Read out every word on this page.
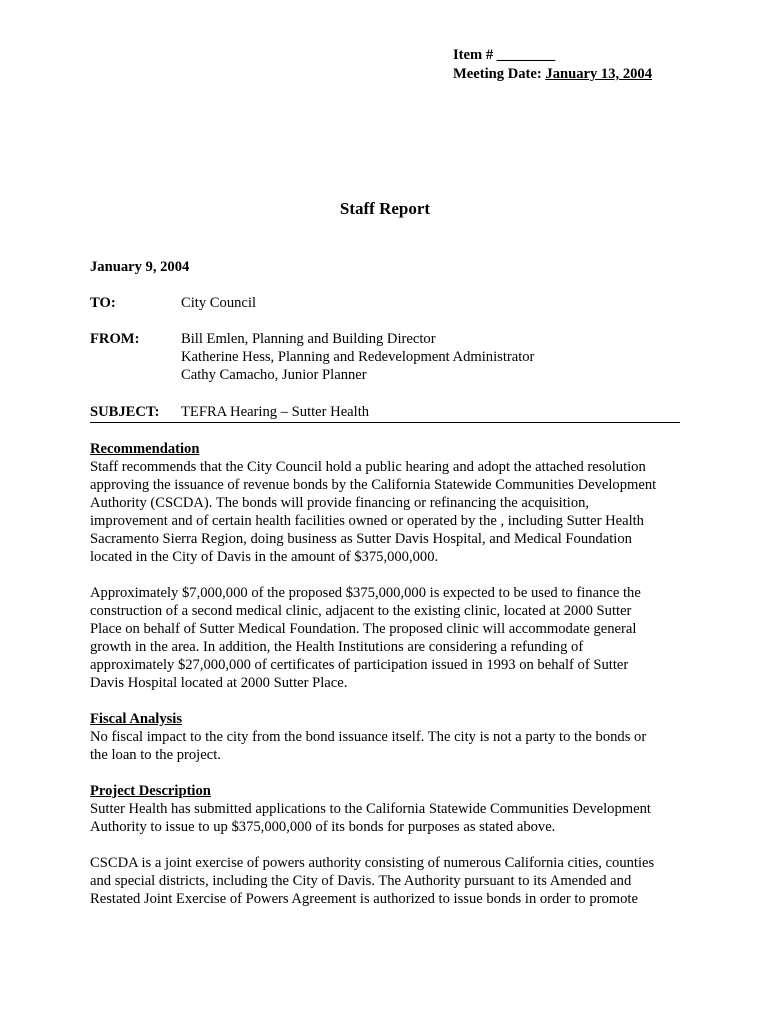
Item # ________
Meeting Date: January 13, 2004
Staff Report
January 9, 2004
TO:	City Council
FROM:	Bill Emlen, Planning and Building Director
Katherine Hess, Planning and Redevelopment Administrator
Cathy Camacho, Junior Planner
SUBJECT: TEFRA Hearing – Sutter Health
Recommendation
Staff recommends that the City Council hold a public hearing and adopt the attached resolution
approving the issuance of revenue bonds by the California Statewide Communities Development
Authority (CSCDA). The bonds will provide financing or refinancing the acquisition,
improvement and of certain health facilities owned or operated by the , including Sutter Health
Sacramento Sierra Region, doing business as Sutter Davis Hospital, and Medical Foundation
located in the City of Davis in the amount of $375,000,000.
Approximately $7,000,000 of the proposed $375,000,000 is expected to be used to finance the
construction of a second medical clinic, adjacent to the existing clinic, located at 2000 Sutter
Place on behalf of Sutter Medical Foundation. The proposed clinic will accommodate general
growth in the area. In addition, the Health Institutions are considering a refunding of
approximately $27,000,000 of certificates of participation issued in 1993 on behalf of Sutter
Davis Hospital located at 2000 Sutter Place.
Fiscal Analysis
No fiscal impact to the city from the bond issuance itself. The city is not a party to the bonds or
the loan to the project.
Project Description
Sutter Health has submitted applications to the California Statewide Communities Development
Authority to issue to up $375,000,000 of its bonds for purposes as stated above.
CSCDA is a joint exercise of powers authority consisting of numerous California cities, counties
and special districts, including the City of Davis. The Authority pursuant to its Amended and
Restated Joint Exercise of Powers Agreement is authorized to issue bonds in order to promote
